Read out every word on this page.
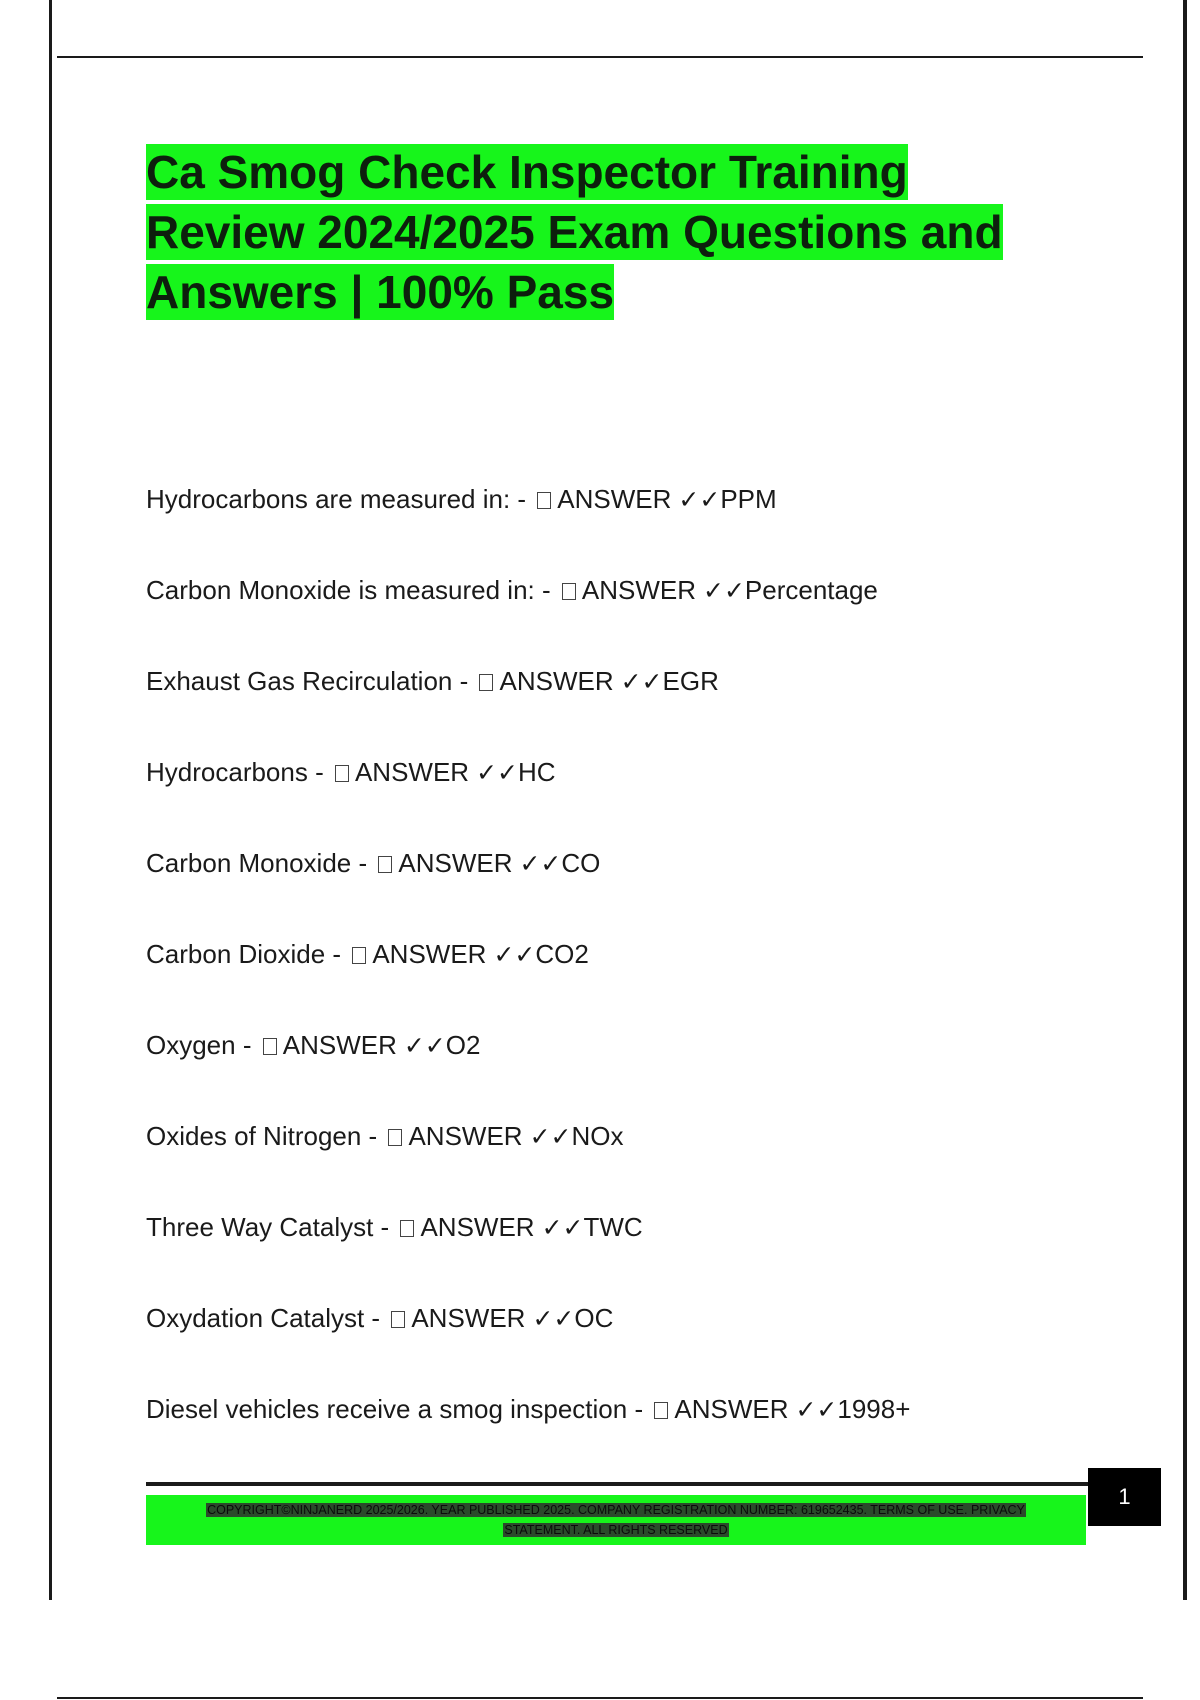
Ca Smog Check Inspector Training
Review 2024/2025 Exam Questions and
Answers | 100% Pass
Hydrocarbons are measured in: - ANSWER ✓✓PPM
Carbon Monoxide is measured in: - ANSWER ✓✓Percentage
Exhaust Gas Recirculation - ANSWER ✓✓EGR
Hydrocarbons - ANSWER ✓✓HC
Carbon Monoxide - ANSWER ✓✓CO
Carbon Dioxide - ANSWER ✓✓CO2
Oxygen - ANSWER ✓✓O2
Oxides of Nitrogen - ANSWER ✓✓NOx
Three Way Catalyst - ANSWER ✓✓TWC
Oxydation Catalyst - ANSWER ✓✓OC
Diesel vehicles receive a smog inspection - ANSWER ✓✓1998+
COPYRIGHT©NINJANERD 2025/2026. YEAR PUBLISHED 2025. COMPANY REGISTRATION NUMBER: 619652435. TERMS OF USE. PRIVACY
STATEMENT. ALL RIGHTS RESERVED
1
